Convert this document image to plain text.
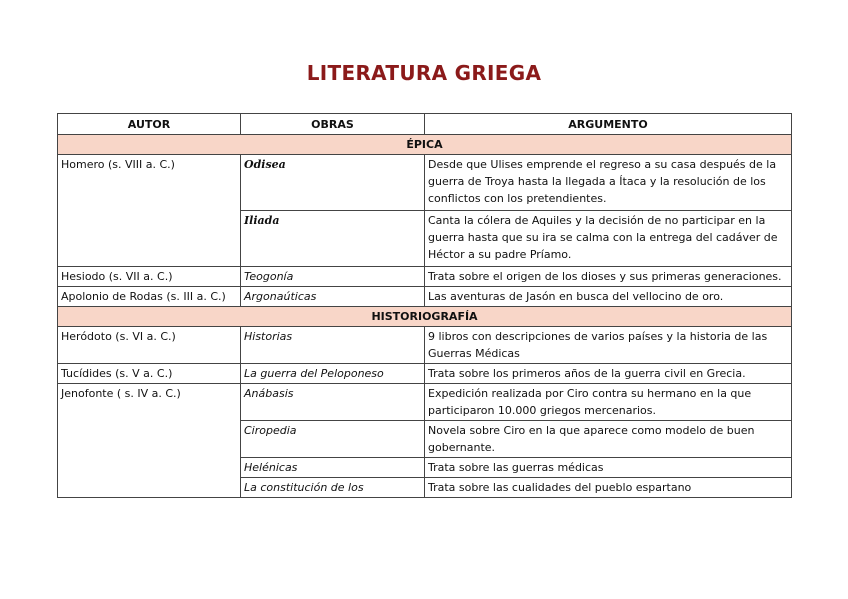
LITERATURA GRIEGA
AUTOR	OBRAS	ARGUMENTO
ÉPICA		
Homero (s. VIII a. C.)	Odisea	Desde que Ulises emprende el regreso a su casa después de la guerra de Troya hasta la llegada a Ítaca y la resolución de los conflictos con los pretendientes.
	Iliada	Canta la cólera de Aquiles y la decisión de no participar en la guerra hasta que su ira se calma con la entrega del cadáver de Héctor a su padre Príamo.
Hesiodo (s. VII a. C.)	Teogonía	Trata sobre el origen de los dioses y sus primeras generaciones.
Apolonio de Rodas (s. III a. C.)	Argonaúticas	Las aventuras de Jasón en busca del vellocino de oro.
HISTORIOGRAFÍA		
Heródoto (s. VI a. C.)	Historias	9 libros con descripciones de varios países y la historia de las Guerras Médicas
Tucídides (s. V a. C.)	La guerra del Peloponeso	Trata sobre los primeros años de la guerra civil en Grecia.
Jenofonte ( s. IV a. C.)	Anábasis	Expedición realizada por Ciro contra su hermano en la que participaron 10.000 griegos mercenarios.
	Ciropedia	Novela sobre Ciro en la que aparece como modelo de buen gobernante.
	Helénicas	Trata sobre las guerras médicas
	La constitución de los	Trata sobre las cualidades del pueblo espartano
